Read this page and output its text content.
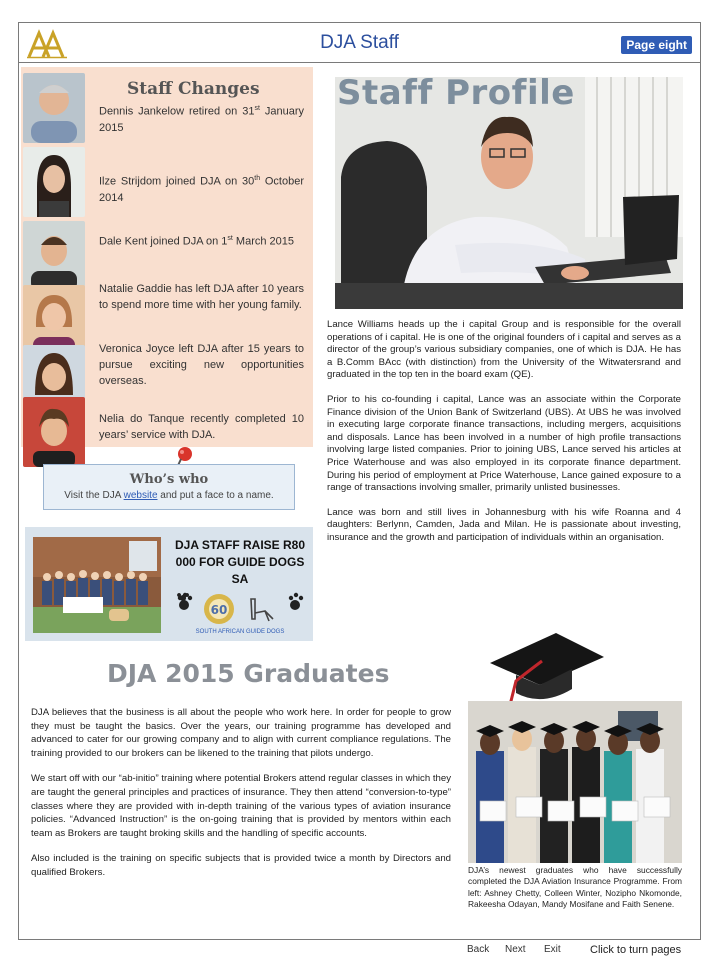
DJA Staff	Page eight
Staff Changes
Dennis Jankelow retired on 31st January 2015
Ilze Strijdom joined DJA on 30th October 2014
Dale Kent joined DJA on 1st March 2015
Natalie Gaddie has left DJA after 10 years to spend more time with her young family.
Veronica Joyce left DJA after 15 years to pursue exciting new opportunities overseas.
Nelia do Tanque recently completed 10 years’ service with DJA.
Who’s who
Visit the DJA website and put a face to a name.
DJA STAFF RAISE R80 000 FOR GUIDE DOGS SA
60
SOUTH AFRICAN GUIDE DOGS
Staff Profile

Lance Williams heads up the i capital Group and is responsible for the overall operations of i capital. He is one of the original founders of i capital and serves as a director of the group’s various subsidiary companies, one of which is DJA. He has a B.Comm BAcc (with distinction) from the University of the Witwatersrand and graduated in the top ten in the board exam (QE).

Prior to his co-founding i capital, Lance was an associate within the Corporate Finance division of the Union Bank of Switzerland (UBS). At UBS he was involved in executing large corporate finance transactions, including mergers, acquisitions and disposals. Lance has been involved in a number of high profile transactions involving large listed companies. Prior to joining UBS, Lance served his articles at Price Waterhouse and was also employed in its corporate finance department. During his period of employment at Price Waterhouse, Lance gained exposure to a range of transactions involving smaller, primarily unlisted businesses.

Lance was born and still lives in Johannesburg with his wife Roanna and 4 daughters: Berlynn, Camden, Jada and Milan. He is passionate about investing, insurance and the growth and participation of individuals within an organisation.

DJA 2015 Graduates

DJA believes that the business is all about the people who work here. In order for people to grow they must be taught the basics. Over the years, our training programme has developed and advanced to cater for our growing company and to align with current compliance regulations. The training provided to our brokers can be likened to the training that pilots undergo.

We start off with our “ab-initio” training where potential Brokers attend regular classes in which they are taught the general principles and practices of insurance. They then attend “conversion-to-type” classes where they are provided with in-depth training of the various types of aviation insurance policies. “Advanced Instruction” is the on-going training that is provided by mentors within each team as Brokers are taught broking skills and the handling of specific accounts.

Also included is the training on specific subjects that is provided twice a month by Directors and qualified Brokers.	DJA’s newest graduates who have successfully completed the DJA Aviation Insurance Programme. From left: Ashney Chetty, Colleen Winter, Nozipho Nkomonde, Rakeesha Odayan, Mandy Mosifane and Faith Senene.
Back Next Exit	Click to turn pages
